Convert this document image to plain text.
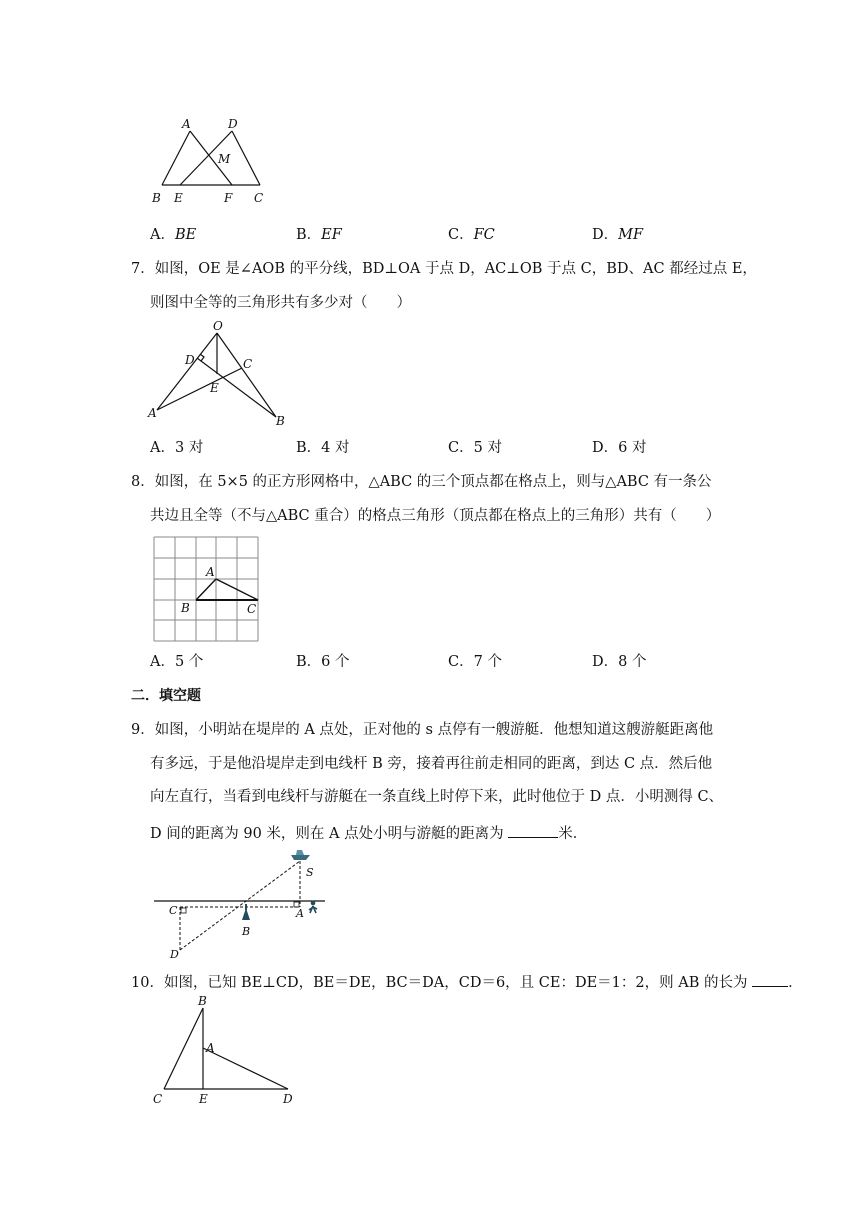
A	D
M
B E	F C
A．BE	B．EF	C．FC	D．MF
7．如图，OE 是∠AOB 的平分线，BD⊥OA 于点 D，AC⊥OB 于点 C，BD、AC 都经过点 E，
则图中全等的三角形共有多少对（　　）
O
D	C
E
A
B
A．3 对	B．4 对	C．5 对	D．6 对
8．如图，在 5×5 的正方形网格中，△ABC 的三个顶点都在格点上，则与△ABC 有一条公
共边且全等（不与△ABC 重合）的格点三角形（顶点都在格点上的三角形）共有（　　）
A
B	C
A．5 个	B．6 个	C．7 个	D．8 个
二．填空题
9．如图，小明站在堤岸的 A 点处，正对他的 s 点停有一艘游艇．他想知道这艘游艇距离他
有多远，于是他沿堤岸走到电线杆 B 旁，接着再往前走相同的距离，到达 C 点．然后他
向左直行，当看到电线杆与游艇在一条直线上时停下来，此时他位于 D 点．小明测得 C、
D 间的距离为 90 米，则在 A 点处小明与游艇的距离为	米．
S
C	A
B
D
10．如图，已知 BE⊥CD，BE＝DE，BC＝DA，CD＝6，且 CE：DE＝1：2，则 AB 的长为	．
B
A
C	E	D
